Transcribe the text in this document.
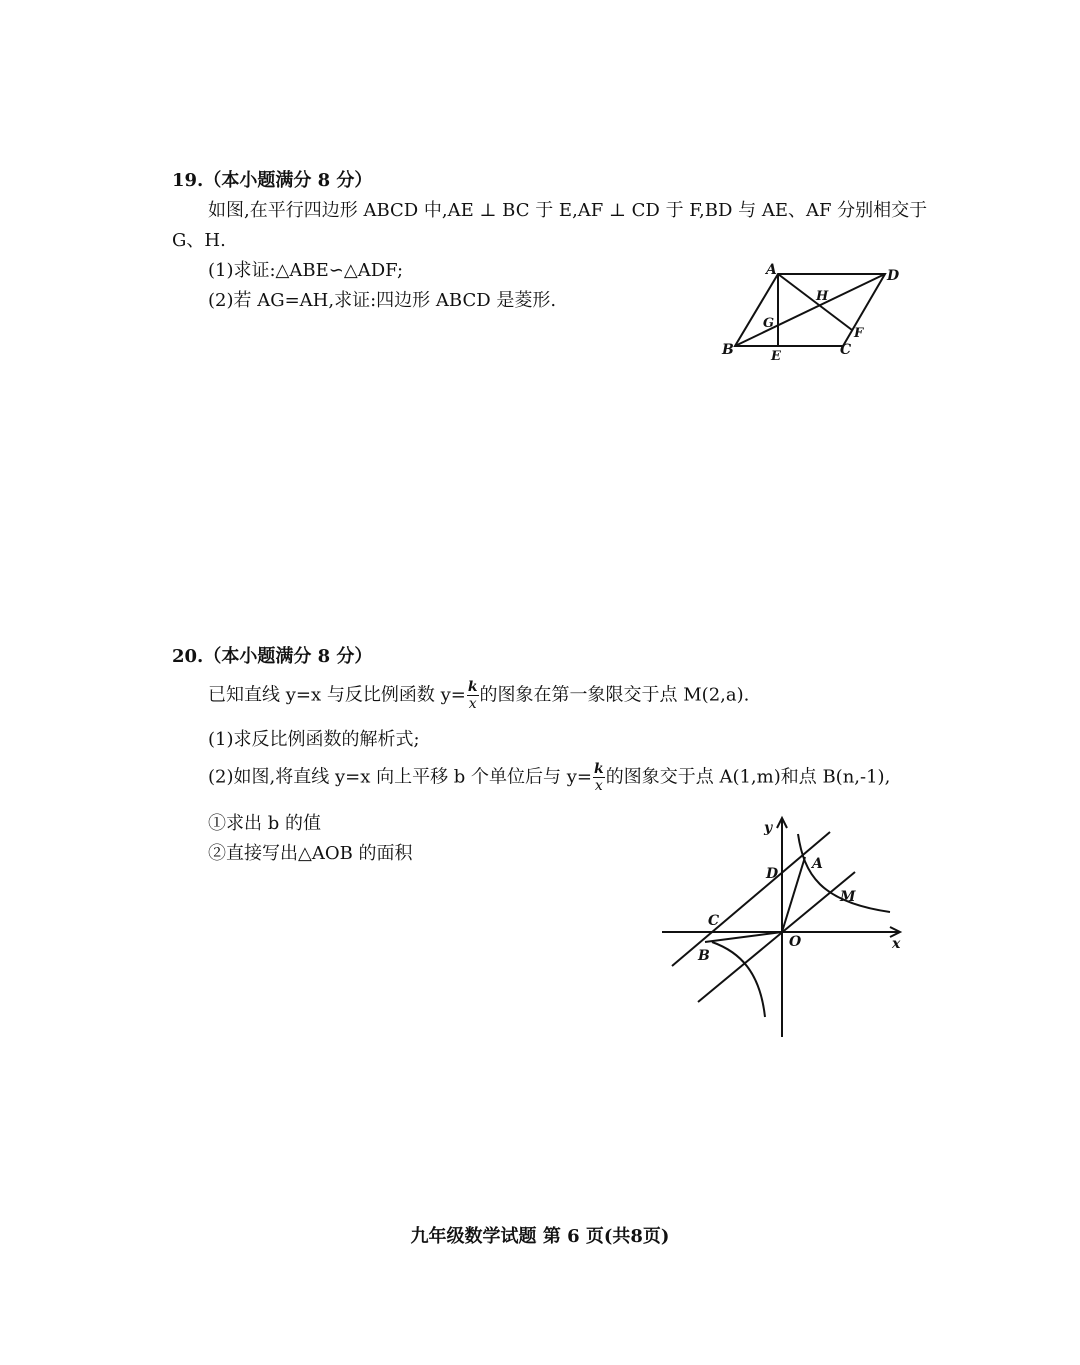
19.（本小题满分 8 分）
如图,在平行四边形 ABCD 中,AE ⊥ BC 于 E,AF ⊥ CD 于 F,BD 与 AE、AF 分别相交于
G、H.
(1)求证:△ABE∽△ADF;
(2)若 AG=AH,求证:四边形 ABCD 是菱形.
A	D
B	C
E
F
G
H
20.（本小题满分 8 分）
已知直线 y=x 与反比例函数 $y= \frac{k}{x}$ 的图象在第一象限交于点 M(2,a).
(1)求反比例函数的解析式;
(2)如图,将直线 y=x 向上平移 b 个单位后与 $y= \frac{k}{x}$ 的图象交于点 A(1,m)和点 B(n,-1),
①求出 b 的值
②直接写出△AOB 的面积
y
x
O
A
D
M
C
B
九年级数学试题 第 6 页(共8页)
